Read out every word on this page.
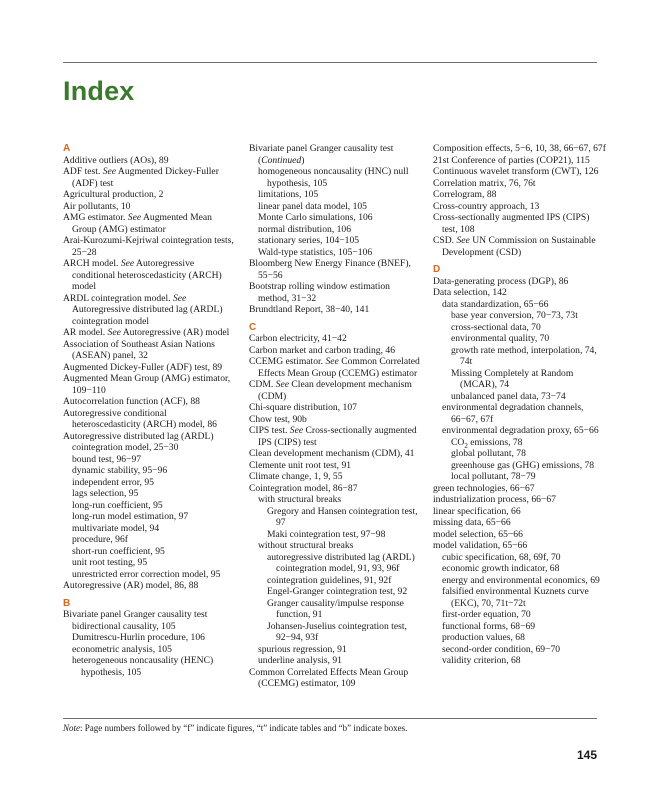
Index
A
Additive outliers (AOs), 89
ADF test. See Augmented Dickey-Fuller (ADF) test
Agricultural production, 2
Air pollutants, 10
AMG estimator. See Augmented Mean Group (AMG) estimator
Arai-Kurozumi-Kejriwal cointegration tests, 25−28
ARCH model. See Autoregressive conditional heteroscedasticity (ARCH) model
ARDL cointegration model. See Autoregressive distributed lag (ARDL) cointegration model
AR model. See Autoregressive (AR) model
Association of Southeast Asian Nations (ASEAN) panel, 32
Augmented Dickey-Fuller (ADF) test, 89
Augmented Mean Group (AMG) estimator, 109−110
Autocorrelation function (ACF), 88
Autoregressive conditional heteroscedasticity (ARCH) model, 86
Autoregressive distributed lag (ARDL)
cointegration model, 25−30
bound test, 96−97
dynamic stability, 95−96
independent error, 95
lags selection, 95
long-run coefficient, 95
long-run model estimation, 97
multivariate model, 94
procedure, 96f
short-run coefficient, 95
unit root testing, 95
unrestricted error correction model, 95
Autoregressive (AR) model, 86, 88
B
Bivariate panel Granger causality test
bidirectional causality, 105
Dumitrescu-Hurlin procedure, 106
econometric analysis, 105
heterogeneous noncausality (HENC) hypothesis, 105
Bivariate panel Granger causality test (Continued)
homogeneous noncausality (HNC) null hypothesis, 105
limitations, 105
linear panel data model, 105
Monte Carlo simulations, 106
normal distribution, 106
stationary series, 104−105
Wald-type statistics, 105−106
Bloomberg New Energy Finance (BNEF), 55−56
Bootstrap rolling window estimation method, 31−32
Brundtland Report, 38−40, 141
C
Carbon electricity, 41−42
Carbon market and carbon trading, 46
CCEMG estimator. See Common Correlated Effects Mean Group (CCEMG) estimator
CDM. See Clean development mechanism (CDM)
Chi-square distribution, 107
Chow test, 90b
CIPS test. See Cross-sectionally augmented IPS (CIPS) test
Clean development mechanism (CDM), 41
Clemente unit root test, 91
Climate change, 1, 9, 55
Cointegration model, 86−87
with structural breaks
Gregory and Hansen cointegration test, 97
Maki cointegration test, 97−98
without structural breaks
autoregressive distributed lag (ARDL) cointegration model, 91, 93, 96f
cointegration guidelines, 91, 92f
Engel-Granger cointegration test, 92
Granger causality/impulse response function, 91
Johansen-Juselius cointegration test, 92−94, 93f
spurious regression, 91
underline analysis, 91
Common Correlated Effects Mean Group (CCEMG) estimator, 109
Composition effects, 5−6, 10, 38, 66−67, 67f
21st Conference of parties (COP21), 115
Continuous wavelet transform (CWT), 126
Correlation matrix, 76, 76t
Correlogram, 88
Cross-country approach, 13
Cross-sectionally augmented IPS (CIPS) test, 108
CSD. See UN Commission on Sustainable Development (CSD)
D
Data-generating process (DGP), 86
Data selection, 142
data standardization, 65−66
base year conversion, 70−73, 73t
cross-sectional data, 70
environmental quality, 70
growth rate method, interpolation, 74, 74t
Missing Completely at Random (MCAR), 74
unbalanced panel data, 73−74
environmental degradation channels, 66−67, 67f
environmental degradation proxy, 65−66
$CO_2$ emissions, 78
global pollutant, 78
greenhouse gas (GHG) emissions, 78
local pollutant, 78−79
green technologies, 66−67
industrialization process, 66−67
linear specification, 66
missing data, 65−66
model selection, 65−66
model validation, 65−66
cubic specification, 68, 69f, 70
economic growth indicator, 68
energy and environmental economics, 69
falsified environmental Kuznets curve (EKC), 70, 71t−72t
first-order equation, 70
functional forms, 68−69
production values, 68
second-order condition, 69−70
validity criterion, 68
Note: Page numbers followed by “f” indicate figures, “t” indicate tables and “b” indicate boxes.
145
